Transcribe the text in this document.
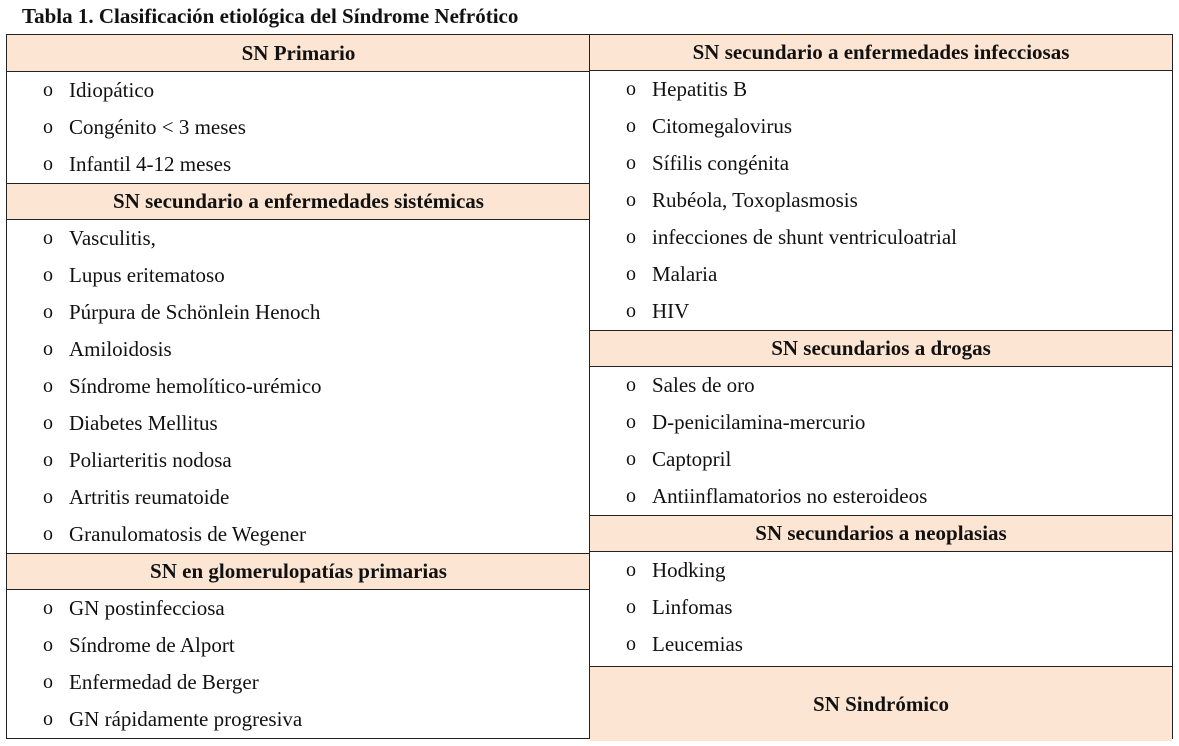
Tabla 1. Clasificación etiológica del Síndrome Nefrótico
SN Primario
o Idiopático
o Congénito < 3 meses
o Infantil 4-12 meses
SN secundario a enfermedades sistémicas
o Vasculitis,
o Lupus eritematoso
o Púrpura de Schönlein Henoch
o Amiloidosis
o Síndrome hemolítico-urémico
o Diabetes Mellitus
o Poliarteritis nodosa
o Artritis reumatoide
o Granulomatosis de Wegener
SN en glomerulopatías primarias
o GN postinfecciosa
o Síndrome de Alport
o Enfermedad de Berger
o GN rápidamente progresiva
SN secundario a enfermedades infecciosas
o Hepatitis B
o Citomegalovirus
o Sífilis congénita
o Rubéola, Toxoplasmosis
o infecciones de shunt ventriculoatrial
o Malaria
o HIV
SN secundarios a drogas
o Sales de oro
o D-penicilamina-mercurio
o Captopril
o Antiinflamatorios no esteroideos
SN secundarios a neoplasias
o Hodking
o Linfomas
o Leucemias
SN Sindrómico
